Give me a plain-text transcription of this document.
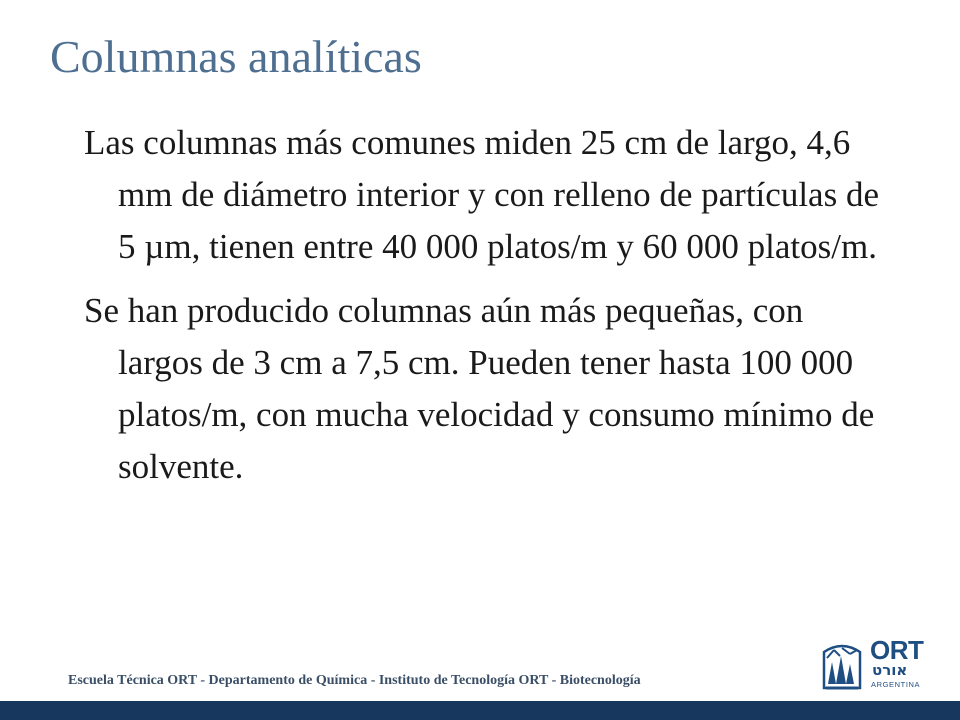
Columnas analíticas

Las columnas más comunes miden 25 cm de largo, 4,6 mm de diámetro interior y con relleno de partículas de 5 µm, tienen entre 40 000 platos/m y 60 000 platos/m.

Se han producido columnas aún más pequeñas, con largos de 3 cm a 7,5 cm. Pueden tener hasta 100 000 platos/m, con mucha velocidad y consumo mínimo de solvente.

Escuela Técnica ORT - Departamento de Química - Instituto de Tecnología ORT - Biotecnología
ORT
אורט
ARGENTINA
